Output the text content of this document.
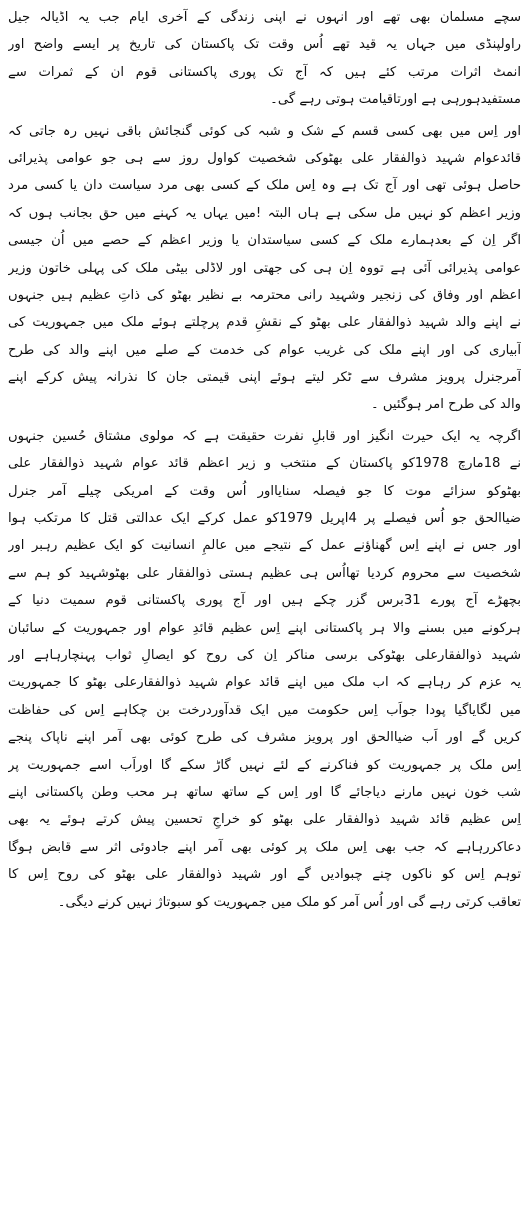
سچے مسلمان بھی تھے اور انہوں نے اپنی زندگی کے آخری ایام جب یہ اڈیالہ جیل
راولپنڈی میں جہاں یہ قید تھے اُس وقت تک پاکستان کی تاریخ پر ایسے واضح اور
انمٹ اثرات مرتب کئے ہیں کہ آج تک پوری پاکستانی قوم ان کے ثمرات سے
مستفیدہورہی ہے اورتاقیامت ہوتی رہے گی۔
اور اِس میں بھی کسی قسم کے شک و شبہ کی کوئی گنجائش باقی نہیں رہ جاتی کہ
قائدعوام شہید ذوالفقار علی بھٹوکی شخصیت کواول روز سے ہی جو عوامی پذیرائی
حاصل ہوئی تھی اور آج تک ہے وہ اِس ملک کے کسی بھی مرد سیاست دان یا کسی مرد
وزیر اعظم کو نہیں مل سکی ہے ہاں البتہ !میں یہاں یہ کہنے میں حق بجانب ہوں کہ
اگر اِن کے بعدہمارے ملک کے کسی سیاستدان یا وزیر اعظم کے حصے میں اُن جیسی
عوامی پذیرائی آئی ہے تووہ اِن ہی کی جھتی اور لاڈلی بیٹی ملک کی پہلی خاتون وزیر
اعظم اور وفاق کی زنجیر وشہید رانی محترمہ بے نظیر بھٹو کی ذاتِ عظیم ہیں جنہوں
نے اپنے والد شہید ذوالفقار علی بھٹو کے نقشِ قدم پرچلتے ہوئے ملک میں جمہوریت کی
آبیاری کی اور اپنے ملک کی غریب عوام کی خدمت کے صلے میں اپنے والد کی طرح
آمرجنرل پرویز مشرف سے ٹکر لیتے ہوئے اپنی قیمتی جان کا نذرانہ پیش کرکے اپنے
والد کی طرح امر ہوگئیں ۔
اگرچہ یہ ایک حیرت انگیز اور قابلِ نفرت حقیقت ہے کہ مولوی مشتاق حُسین جنہوں
نے 18مارچ 1978کو پاکستان کے منتخب و زیر اعظم قائد عوام شہید ذوالفقار علی
بھٹوکو سزائے موت کا جو فیصلہ سنایااور اُس وقت کے امریکی چیلے آمر جنرل
ضیاالحق جو اُس فیصلے پر 4اپریل 1979کو عمل کرکے ایک عدالتی قتل کا مرتکب ہوا
اور جس نے اپنے اِس گھناؤنے عمل کے نتیجے میں عالمِ انسانیت کو ایک عظیم رہبر اور
شخصیت سے محروم کردیا تھااُس ہی عظیم ہستی ذوالفقار علی بھٹوشہید کو ہم سے
بچھڑے آج پورے 31برس گزر چکے ہیں اور آج پوری پاکستانی قوم سمیت دنیا کے
ہرکونے میں بسنے والا ہر پاکستانی اپنے اِس عظیم قائدِ عوام اور جمہوریت کے سائبان
شہید ذوالفقارعلی بھٹوکی برسی مناکر اِن کی روح کو ایصالِ ثواب پہنچارہاہے اور
یہ عزم کر رہاہے کہ اب ملک میں اپنے قائد عوام شہید ذوالفقارعلی بھٹو کا جمہوریت
میں لگایاگیا پودا جواَب اِس حکومت میں ایک قدآوردرخت بن چکاہے اِس کی حفاظت
کریں گے اور اَب ضیاالحق اور پرویز مشرف کی طرح کوئی بھی آمر اپنے ناپاک پنجے
اِس ملک پر جمہوریت کو فناکرنے کے لئے نہیں گاڑ سکے گا اوراَب اسے جمہوریت پر
شب خون نہیں مارنے دیاجائے گا اور اِس کے ساتھ ساتھ ہر محب وطن پاکستانی اپنے
اِس عظیم قائد شہید ذوالفقار علی بھٹو کو خراجِ تحسین پیش کرتے ہوئے یہ بھی
دعاکررہاہے کہ جب بھی اِس ملک پر کوئی بھی آمر اپنے جادوئی اثر سے قابض ہوگا
توہم اِس کو ناکوں چنے چبوادیں گے اور شہید ذوالفقار علی بھٹو کی روح اِس کا
تعاقب کرتی رہے گی اور اُس آمر کو ملک میں جمہوریت کو سبوتاژ نہیں کرنے دیگی۔
